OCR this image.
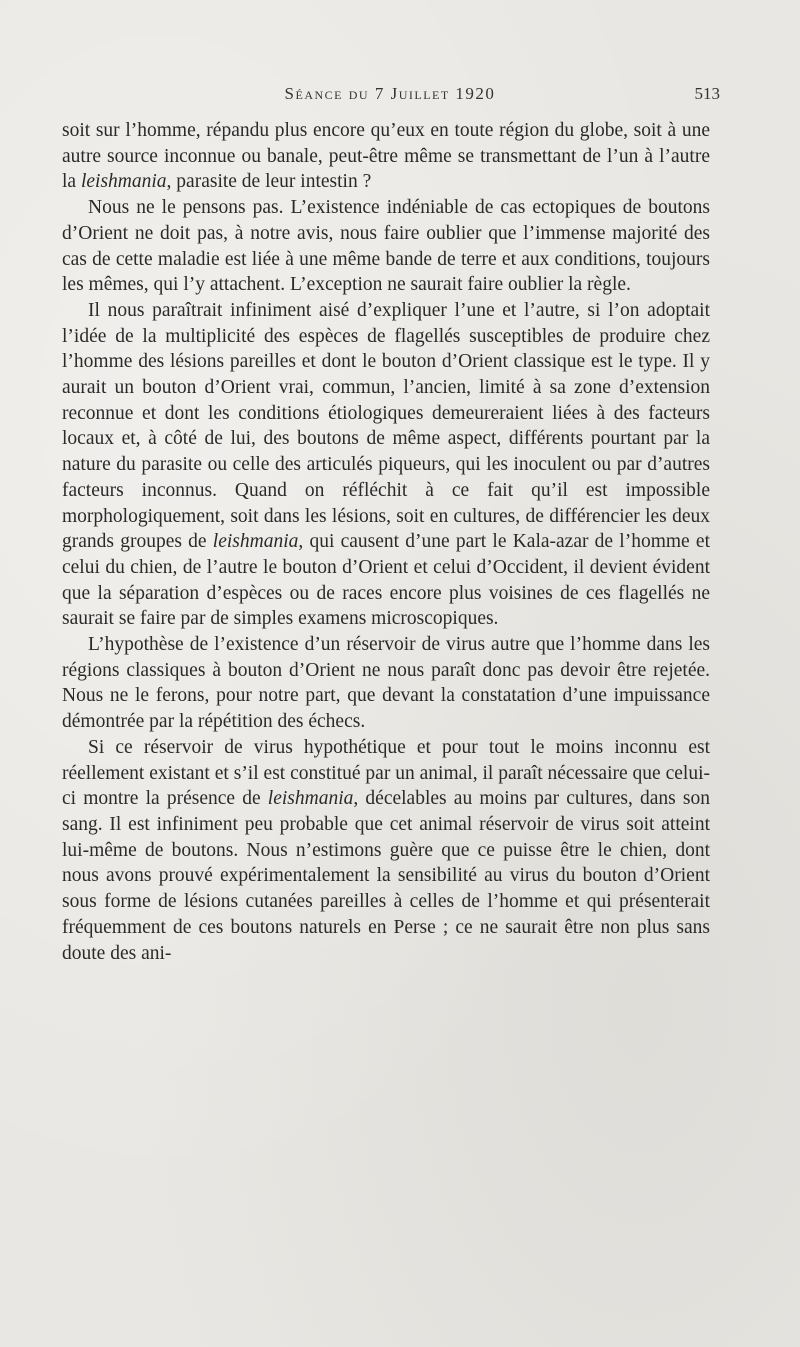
Séance du 7 Juillet 1920	513

soit sur l’homme, répandu plus encore qu’eux en toute région du globe, soit à une autre source inconnue ou banale, peut-être même se transmettant de l’un à l’autre la leishmania, parasite de leur intestin ?

Nous ne le pensons pas. L’existence indéniable de cas ectopiques de boutons d’Orient ne doit pas, à notre avis, nous faire oublier que l’immense majorité des cas de cette maladie est liée à une même bande de terre et aux conditions, toujours les mêmes, qui l’y attachent. L’exception ne saurait faire oublier la règle.

Il nous paraîtrait infiniment aisé d’expliquer l’une et l’autre, si l’on adoptait l’idée de la multiplicité des espèces de flagellés susceptibles de produire chez l’homme des lésions pareilles et dont le bouton d’Orient classique est le type. Il y aurait un bouton d’Orient vrai, commun, l’ancien, limité à sa zone d’extension reconnue et dont les conditions étiologiques demeureraient liées à des facteurs locaux et, à côté de lui, des boutons de même aspect, différents pourtant par la nature du parasite ou celle des articulés piqueurs, qui les inoculent ou par d’autres facteurs inconnus. Quand on réfléchit à ce fait qu’il est impossible morphologiquement, soit dans les lésions, soit en cultures, de différencier les deux grands groupes de leishmania, qui causent d’une part le Kala-azar de l’homme et celui du chien, de l’autre le bouton d’Orient et celui d’Occident, il devient évident que la séparation d’espèces ou de races encore plus voisines de ces flagellés ne saurait se faire par de simples examens microscopiques.

L’hypothèse de l’existence d’un réservoir de virus autre que l’homme dans les régions classiques à bouton d’Orient ne nous paraît donc pas devoir être rejetée. Nous ne le ferons, pour notre part, que devant la constatation d’une impuissance démontrée par la répétition des échecs.

Si ce réservoir de virus hypothétique et pour tout le moins inconnu est réellement existant et s’il est constitué par un animal, il paraît nécessaire que celui-ci montre la présence de leishmania, décelables au moins par cultures, dans son sang. Il est infiniment peu probable que cet animal réservoir de virus soit atteint lui-même de boutons. Nous n’estimons guère que ce puisse être le chien, dont nous avons prouvé expérimentalement la sensibilité au virus du bouton d’Orient sous forme de lésions cutanées pareilles à celles de l’homme et qui présenterait fréquemment de ces boutons naturels en Perse ; ce ne saurait être non plus sans doute des ani-
